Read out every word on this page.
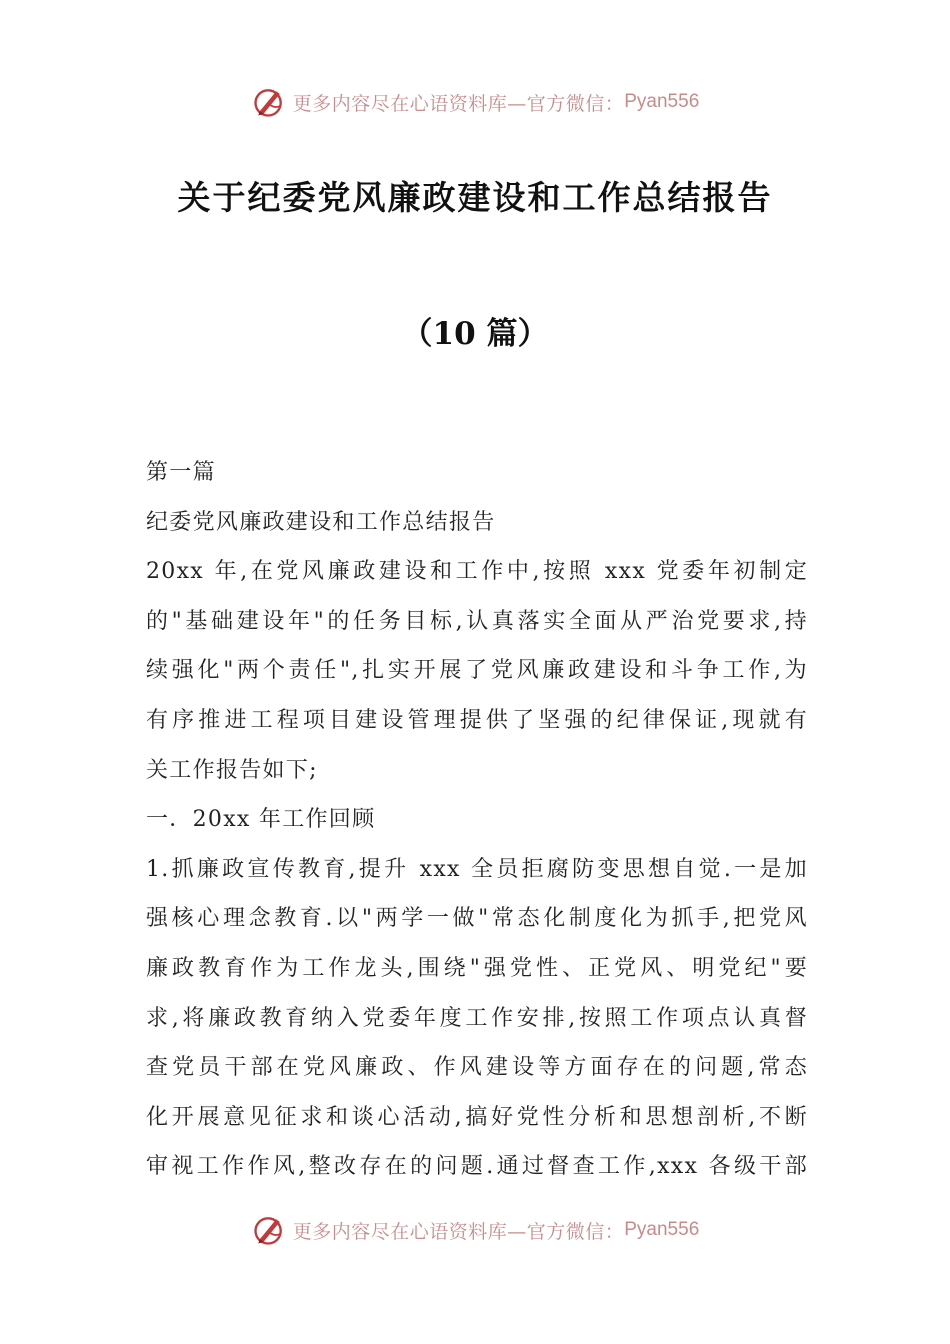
更多内容尽在心语资料库—官方微信： Pyan556
关于纪委党风廉政建设和工作总结报告
（10 篇）
第一篇
纪委党风廉政建设和工作总结报告
20xx 年,在党风廉政建设和工作中,按照 xxx 党委年初制定
的"基础建设年"的任务目标,认真落实全面从严治党要求,持
续强化"两个责任",扎实开展了党风廉政建设和斗争工作,为
有序推进工程项目建设管理提供了坚强的纪律保证,现就有
关工作报告如下;
一．20xx 年工作回顾
1.抓廉政宣传教育,提升 xxx 全员拒腐防变思想自觉.一是加
强核心理念教育.以"两学一做"常态化制度化为抓手,把党风
廉政教育作为工作龙头,围绕"强党性、正党风、明党纪"要
求,将廉政教育纳入党委年度工作安排,按照工作项点认真督
查党员干部在党风廉政、作风建设等方面存在的问题,常态
化开展意见征求和谈心活动,搞好党性分析和思想剖析,不断
审视工作作风,整改存在的问题.通过督查工作,xxx 各级干部
更多内容尽在心语资料库—官方微信： Pyan556
